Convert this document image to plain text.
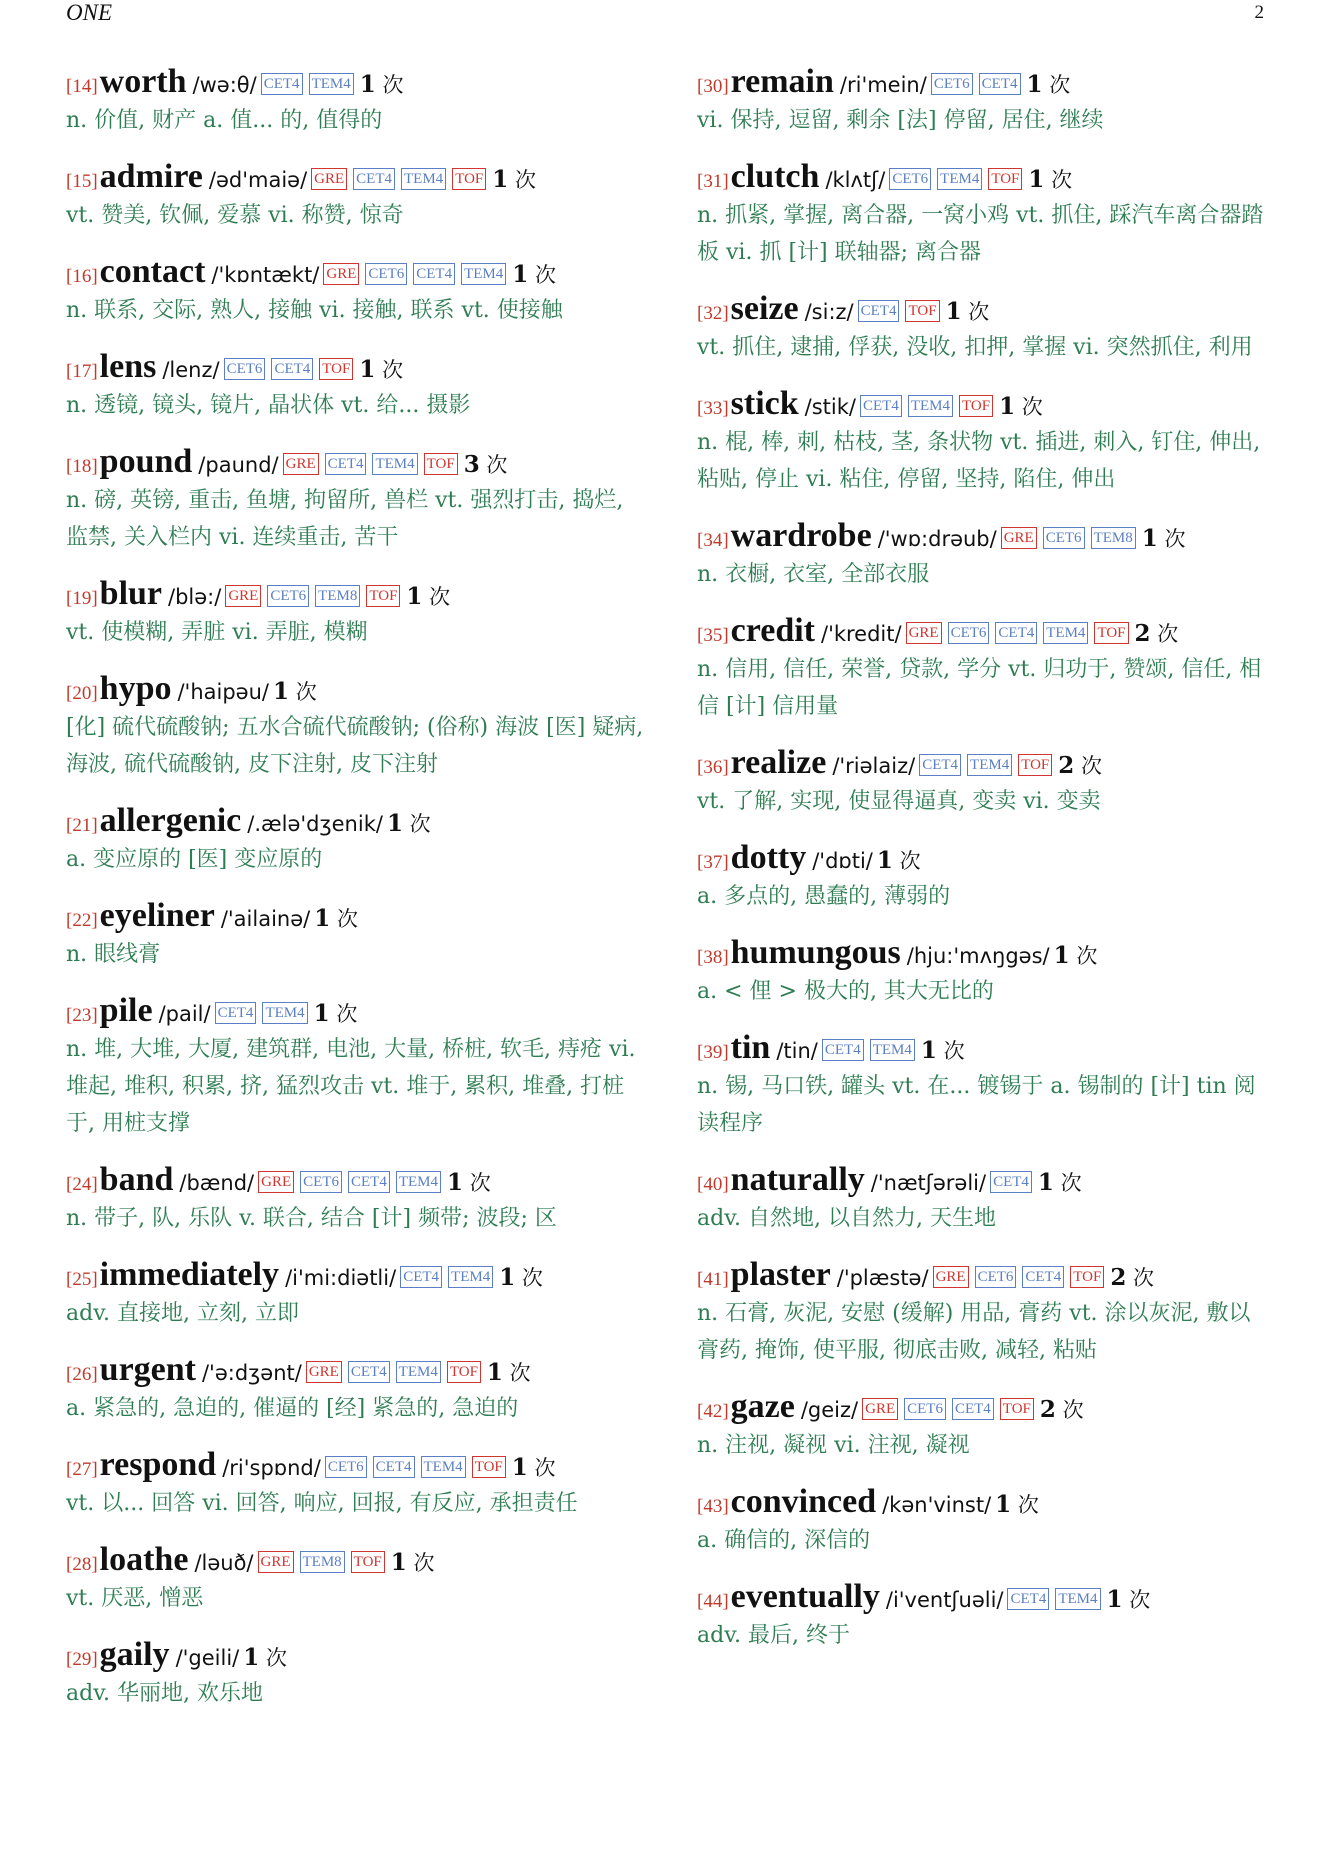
ONE	2
[14]worth /wə:θ/ CET4 TEM4 1 次
n. 价值, 财产 a. 值... 的, 值得的
[15]admire /əd'maiə/ GRE CET4 TEM4 TOF 1 次
vt. 赞美, 钦佩, 爱慕 vi. 称赞, 惊奇
[16]contact /'kɒntækt/ GRE CET6 CET4 TEM4 1 次
n. 联系, 交际, 熟人, 接触 vi. 接触, 联系 vt. 使接触
[17]lens /lenz/ CET6 CET4 TOF 1 次
n. 透镜, 镜头, 镜片, 晶状体 vt. 给... 摄影
[18]pound /paund/ GRE CET4 TEM4 TOF 3 次
n. 磅, 英镑, 重击, 鱼塘, 拘留所, 兽栏 vt. 强烈打击, 捣烂, 监禁, 关入栏内 vi. 连续重击, 苦干
[19]blur /blə:/ GRE CET6 TEM8 TOF 1 次
vt. 使模糊, 弄脏 vi. 弄脏, 模糊
[20]hypo /'haipəu/ 1 次
[化] 硫代硫酸钠; 五水合硫代硫酸钠; (俗称) 海波 [医] 疑病, 海波, 硫代硫酸钠, 皮下注射, 皮下注射
[21]allergenic /.ælə'dʒenik/ 1 次
a. 变应原的 [医] 变应原的
[22]eyeliner /'ailainə/ 1 次
n. 眼线膏
[23]pile /pail/ CET4 TEM4 1 次
n. 堆, 大堆, 大厦, 建筑群, 电池, 大量, 桥桩, 软毛, 痔疮 vi. 堆起, 堆积, 积累, 挤, 猛烈攻击 vt. 堆于, 累积, 堆叠, 打桩于, 用桩支撑
[24]band /bænd/ GRE CET6 CET4 TEM4 1 次
n. 带子, 队, 乐队 v. 联合, 结合 [计] 频带; 波段; 区
[25]immediately /i'mi:diətli/ CET4 TEM4 1 次
adv. 直接地, 立刻, 立即
[26]urgent /'ə:dʒənt/ GRE CET4 TEM4 TOF 1 次
a. 紧急的, 急迫的, 催逼的 [经] 紧急的, 急迫的
[27]respond /ri'spɒnd/ CET6 CET4 TEM4 TOF 1 次
vt. 以... 回答 vi. 回答, 响应, 回报, 有反应, 承担责任
[28]loathe /ləuð/ GRE TEM8 TOF 1 次
vt. 厌恶, 憎恶
[29]gaily /'geili/ 1 次
adv. 华丽地, 欢乐地
[30]remain /ri'mein/ CET6 CET4 1 次
vi. 保持, 逗留, 剩余 [法] 停留, 居住, 继续
[31]clutch /klʌtʃ/ CET6 TEM4 TOF 1 次
n. 抓紧, 掌握, 离合器, 一窝小鸡 vt. 抓住, 踩汽车离合器踏板 vi. 抓 [计] 联轴器; 离合器
[32]seize /si:z/ CET4 TOF 1 次
vt. 抓住, 逮捕, 俘获, 没收, 扣押, 掌握 vi. 突然抓住, 利用
[33]stick /stik/ CET4 TEM4 TOF 1 次
n. 棍, 棒, 刺, 枯枝, 茎, 条状物 vt. 插进, 刺入, 钉住, 伸出, 粘贴, 停止 vi. 粘住, 停留, 坚持, 陷住, 伸出
[34]wardrobe /'wɒ:drəub/ GRE CET6 TEM8 1 次
n. 衣橱, 衣室, 全部衣服
[35]credit /'kredit/ GRE CET6 CET4 TEM4 TOF 2 次
n. 信用, 信任, 荣誉, 贷款, 学分 vt. 归功于, 赞颂, 信任, 相信 [计] 信用量
[36]realize /'riəlaiz/ CET4 TEM4 TOF 2 次
vt. 了解, 实现, 使显得逼真, 变卖 vi. 变卖
[37]dotty /'dɒti/ 1 次
a. 多点的, 愚蠢的, 薄弱的
[38]humungous /hju:'mʌŋgəs/ 1 次
a. < 俚 > 极大的, 其大无比的
[39]tin /tin/ CET4 TEM4 1 次
n. 锡, 马口铁, 罐头 vt. 在... 镀锡于 a. 锡制的 [计] tin 阅读程序
[40]naturally /'nætʃərəli/ CET4 1 次
adv. 自然地, 以自然力, 天生地
[41]plaster /'plæstə/ GRE CET6 CET4 TOF 2 次
n. 石膏, 灰泥, 安慰 (缓解) 用品, 膏药 vt. 涂以灰泥, 敷以膏药, 掩饰, 使平服, 彻底击败, 减轻, 粘贴
[42]gaze /geiz/ GRE CET6 CET4 TOF 2 次
n. 注视, 凝视 vi. 注视, 凝视
[43]convinced /kən'vinst/ 1 次
a. 确信的, 深信的
[44]eventually /i'ventʃuəli/ CET4 TEM4 1 次
adv. 最后, 终于
